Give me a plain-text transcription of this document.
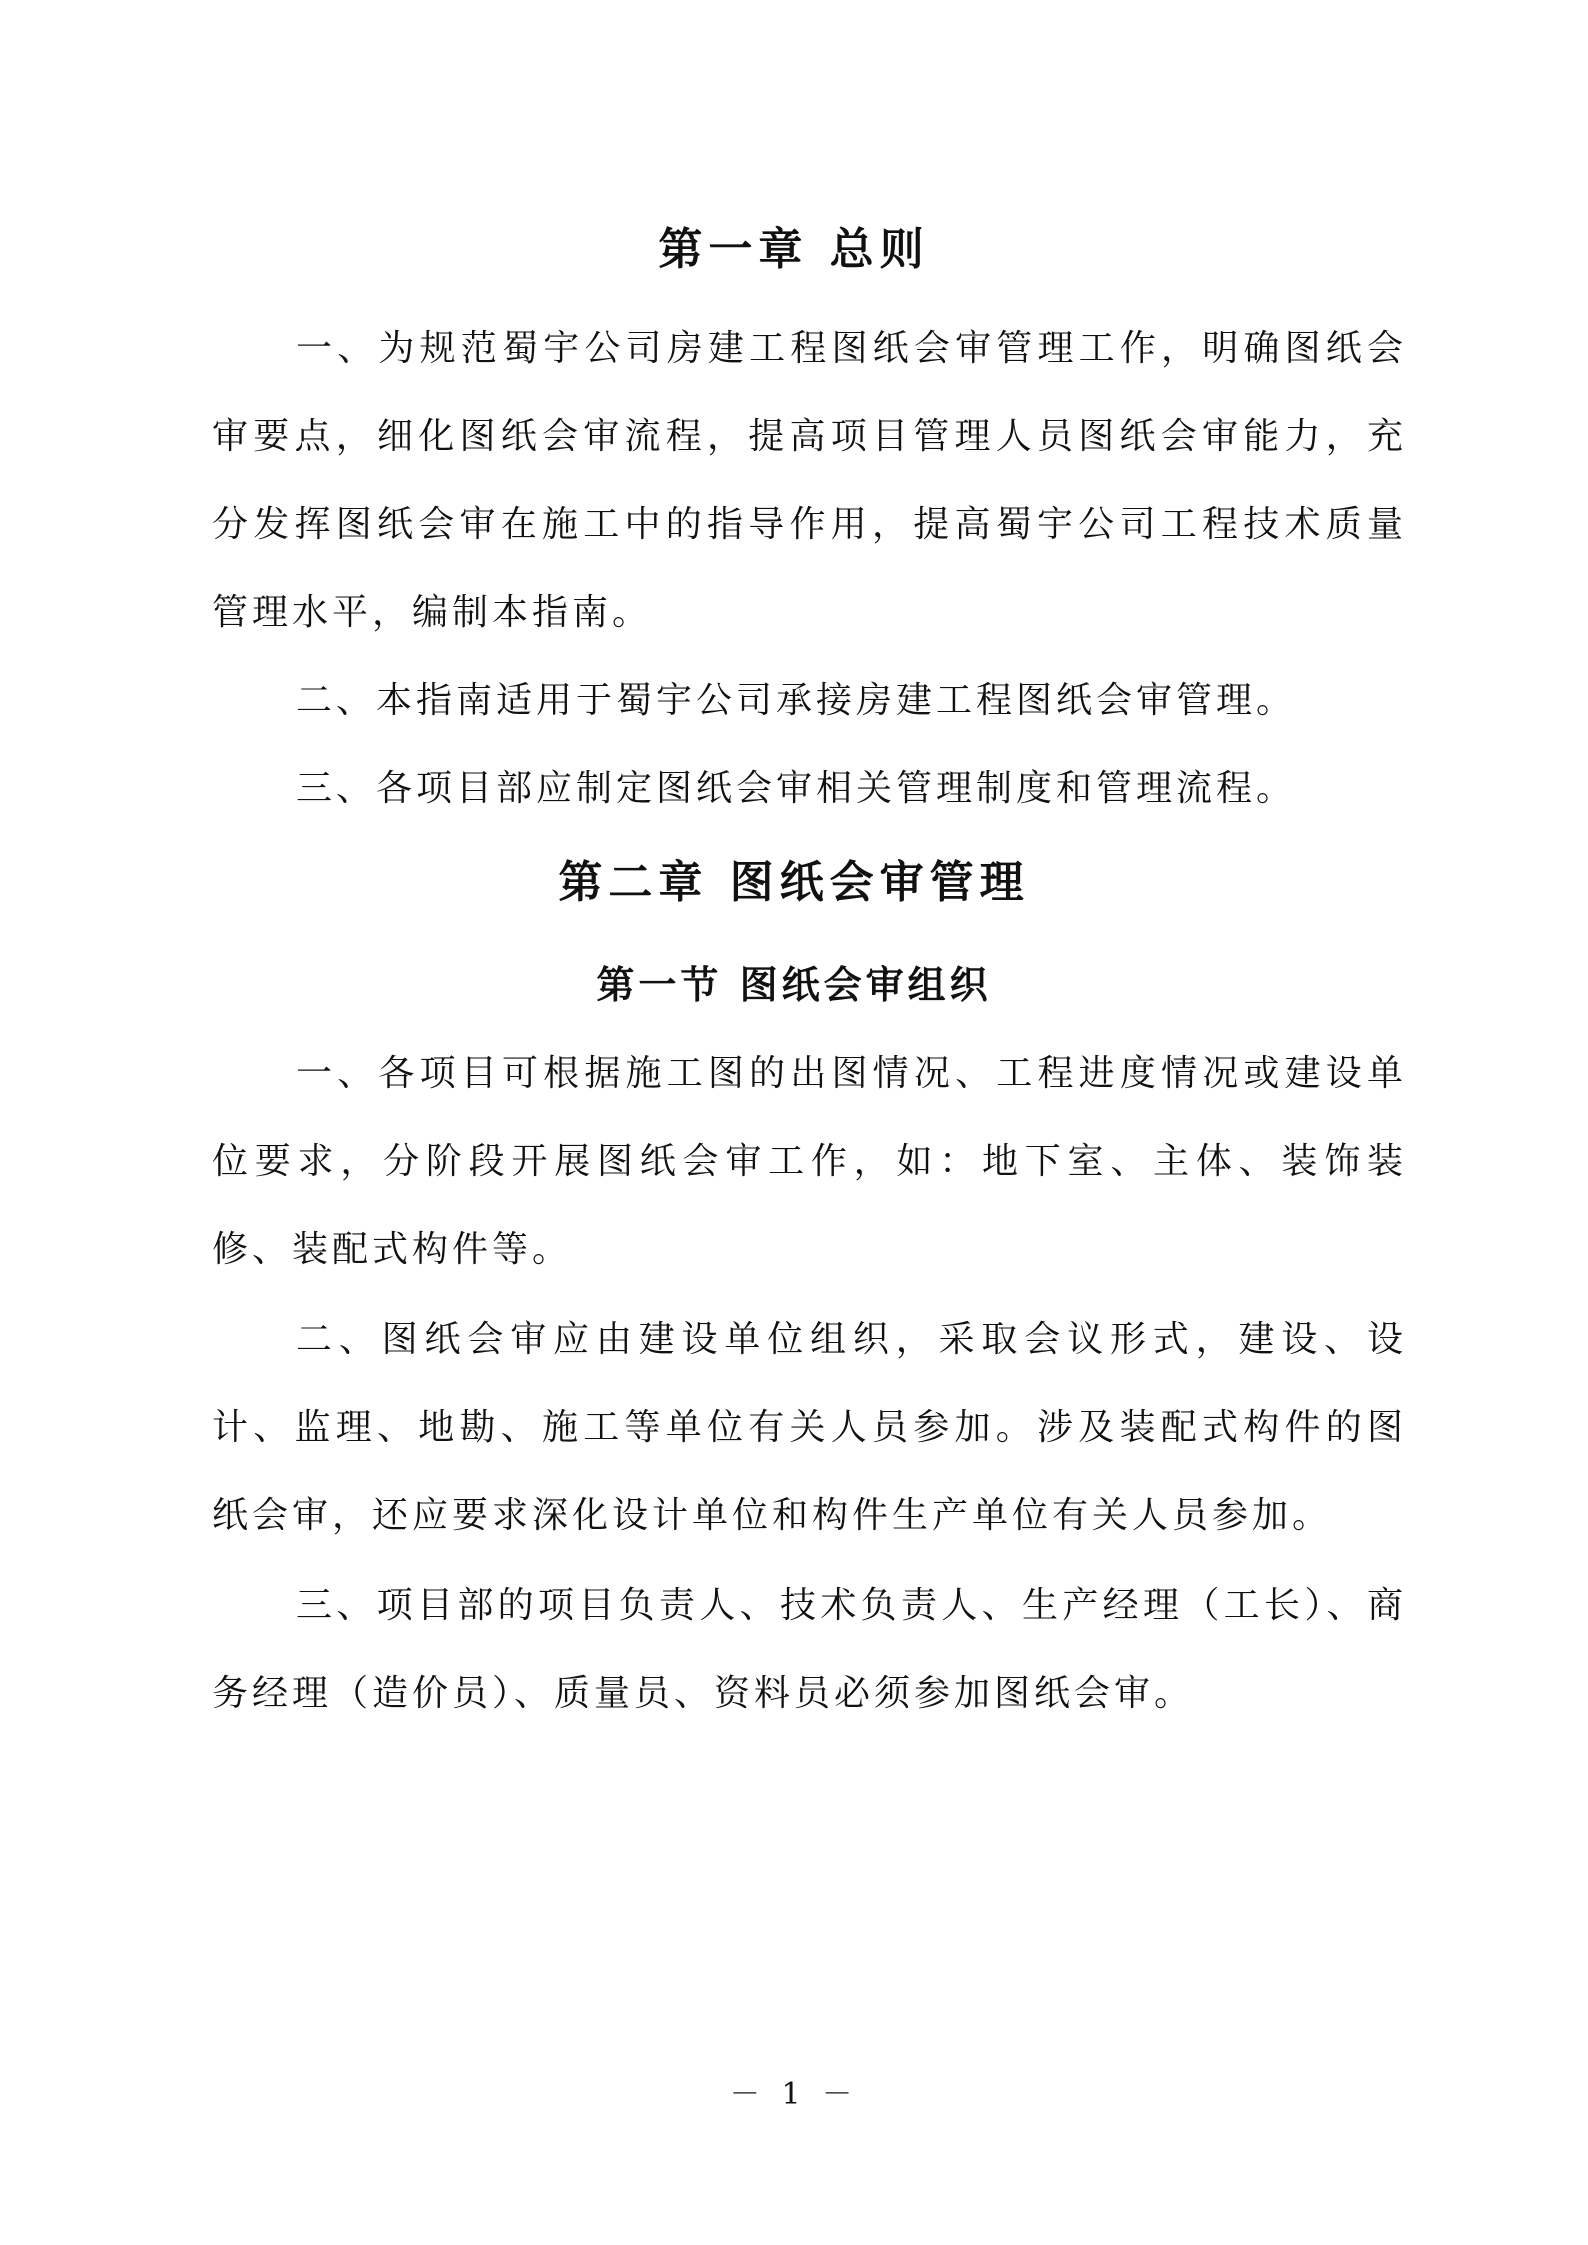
第一章 总则

一、为规范蜀宇公司房建工程图纸会审管理工作，明确图纸会审要点，细化图纸会审流程，提高项目管理人员图纸会审能力，充分发挥图纸会审在施工中的指导作用，提高蜀宇公司工程技术质量管理水平，编制本指南。

二、本指南适用于蜀宇公司承接房建工程图纸会审管理。

三、各项目部应制定图纸会审相关管理制度和管理流程。

第二章 图纸会审管理
第一节 图纸会审组织

一、各项目可根据施工图的出图情况、工程进度情况或建设单位要求，分阶段开展图纸会审工作，如：地下室、主体、装饰装修、装配式构件等。

二、图纸会审应由建设单位组织，采取会议形式，建设、设计、监理、地勘、施工等单位有关人员参加。涉及装配式构件的图纸会审，还应要求深化设计单位和构件生产单位有关人员参加。

三、项目部的项目负责人、技术负责人、生产经理（工长）、商务经理（造价员）、质量员、资料员必须参加图纸会审。

－ 1 －
